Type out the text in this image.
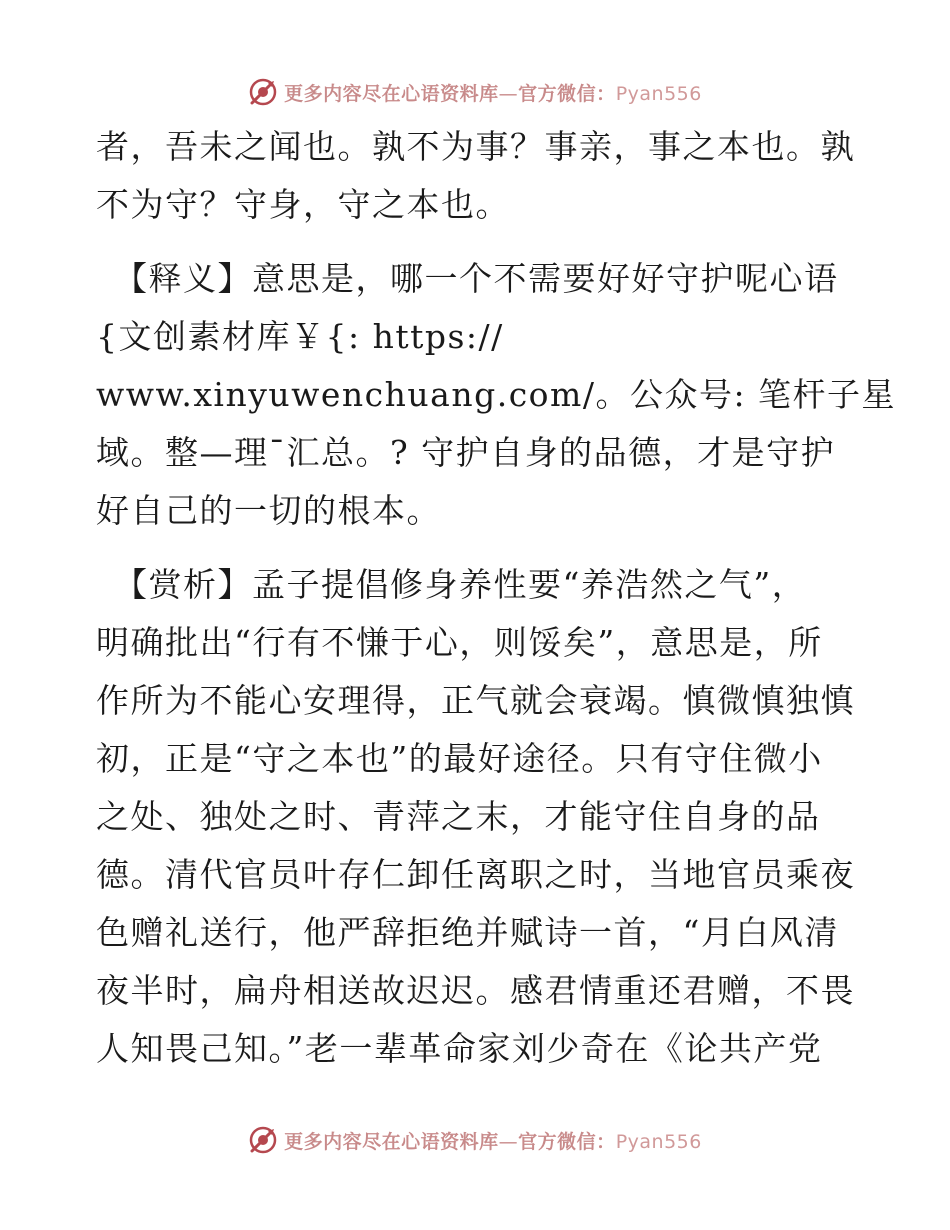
更多内容尽在心语资料库—官方微信：Pyan556
者，吾未之闻也。孰不为事？事亲，事之本也。孰
不为守？守身，守之本也。
【释义】意思是，哪一个不需要好好守护呢心语
{文创素材库￥{: https://
www.xinyuwenchuang.com/。公众号: 笔杆子星
域。整—理¯汇总。? 守护自身的品德，才是守护
好自己的一切的根本。
【赏析】孟子提倡修身养性要“养浩然之气”，
明确批出“行有不慊于心，则馁矣”，意思是，所
作所为不能心安理得，正气就会衰竭。慎微慎独慎
初，正是“守之本也”的最好途径。只有守住微小
之处、独处之时、青萍之末，才能守住自身的品
德。清代官员叶存仁卸任离职之时，当地官员乘夜
色赠礼送行，他严辞拒绝并赋诗一首，“月白风清
夜半时，扁舟相送故迟迟。感君情重还君赠，不畏
人知畏己知。”老一辈革命家刘少奇在《论共产党
更多内容尽在心语资料库—官方微信：Pyan556
